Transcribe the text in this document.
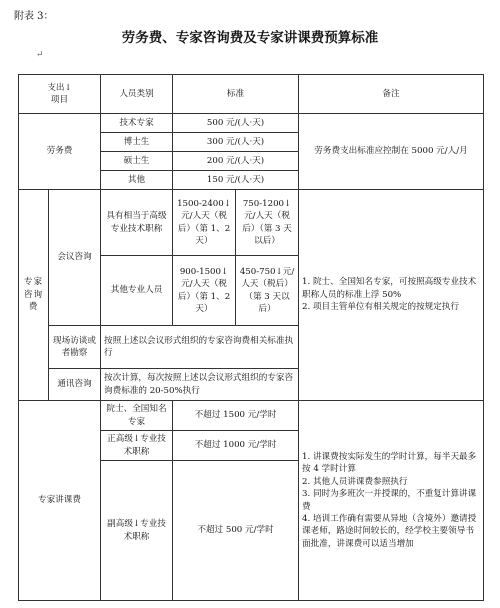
附表 3：
劳务费、专家咨询费及专家讲课费预算标准
↵
支出↓
项目		人员类别	标准		备注
劳务费		技术专家	500 元/(人·天)		劳务费支出标准应控制在 5000 元/人/月
		博士生	300 元/(人·天)		
		硕士生	200 元/(人·天)		
		其他	150 元/(人·天)		
专家咨询费	会议咨询	具有相当于高级专业技术职称	1500-2400↓元/人天（税后）（第 1、2 天）	750-1200↓元/人天（税后）（第 3 天以后）	1. 院士、全国知名专家，可按照高级专业技术职称人员的标准上浮 50%
2. 项目主管单位有相关规定的按规定执行

		其他专业人员	900-1500↓元/人天（税后）（第 1、2 天）	450-750↓元/人天（税后）（第 3 天以后）	
	现场访谈或者勘察	按照上述以会议形式组织的专家咨询费相关标准执行			
	通讯咨询	按次计算，每次按照上述以会议形式组织的专家咨询费标准的 20-50%执行			
专家讲课费		院士、全国知名专家	不超过 1500 元/学时		1. 讲课费按实际发生的学时计算，每半天最多按 4 学时计算
2. 其他人员讲课费参照执行
3. 同时为多班次一并授课的，不重复计算讲课费
4. 培训工作确有需要从异地（含境外）邀请授课老师，路途时间较长的，经学校主要领导书面批准，讲课费可以适当增加

		正高级↓专业技术职称	不超过 1000 元/学时		
		副高级↓专业技术职称	不超过 500 元/学时		
